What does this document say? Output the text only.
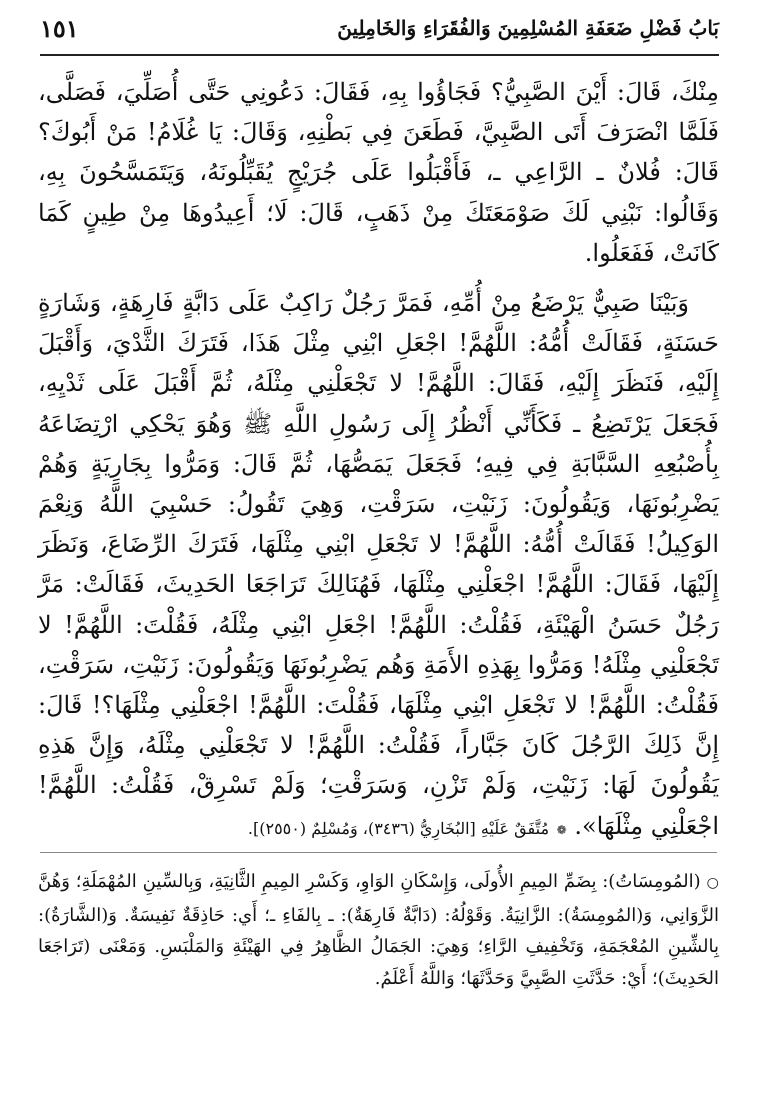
بَابُ فَضْلِ ضَعَفَةِ المُسْلِمِينَ وَالفُقَرَاءِ وَالخَامِلِينَ
١٥١

مِنْكَ، قَالَ: أَيْنَ الصَّبِيُّ؟ فَجَاؤُوا بِهِ، فَقَالَ: دَعُونِي حَتَّى أُصَلِّيَ، فَصَلَّى، فَلَمَّا انْصَرَفَ أَتَى الصَّبِيَّ، فَطَعَنَ فِي بَطْنِهِ، وَقَالَ: يَا غُلَامُ! مَنْ أَبُوكَ؟ قَالَ: فُلانٌ ـ الرَّاعِي ـ، فَأَقْبَلُوا عَلَى جُرَيْجٍ يُقَبِّلُونَهُ، وَيَتَمَسَّحُونَ بِهِ، وَقَالُوا: نَبْنِي لَكَ صَوْمَعَتَكَ مِنْ ذَهَبٍ، قَالَ: لَا؛ أَعِيدُوهَا مِنْ طِينٍ كَمَا كَانَتْ، فَفَعَلُوا.

وَبَيْنَا صَبِيٌّ يَرْضَعُ مِنْ أُمِّهِ، فَمَرَّ رَجُلٌ رَاكِبٌ عَلَى دَابَّةٍ فَارِهَةٍ، وَشَارَةٍ حَسَنَةٍ، فَقَالَتْ أُمُّهُ: اللَّهُمَّ! اجْعَلِ ابْنِي مِثْلَ هَذَا، فَتَرَكَ الثَّدْيَ، وَأَقْبَلَ إِلَيْهِ، فَنَظَرَ إِلَيْهِ، فَقَالَ: اللَّهُمَّ! لا تَجْعَلْنِي مِثْلَهُ، ثُمَّ أَقْبَلَ عَلَى ثَدْيِهِ، فَجَعَلَ يَرْتَضِعُ ـ فَكَأَنِّي أَنْظُرُ إِلَى رَسُولِ اللَّهِ ﷺ وَهُوَ يَحْكِي ارْتِضَاعَهُ بِأُصْبُعِهِ السَّبَّابَةِ فِي فِيهِ؛ فَجَعَلَ يَمَصُّهَا، ثُمَّ قَالَ: وَمَرُّوا بِجَارِيَةٍ وَهُمْ يَضْرِبُونَهَا، وَيَقُولُونَ: زَنَيْتِ، سَرَقْتِ، وَهِيَ تَقُولُ: حَسْبِيَ اللَّهُ وَنِعْمَ الوَكِيلُ! فَقَالَتْ أُمُّهُ: اللَّهُمَّ! لا تَجْعَلِ ابْنِي مِثْلَهَا، فَتَرَكَ الرِّضَاعَ، وَنَظَرَ إِلَيْهَا، فَقَالَ: اللَّهُمَّ! اجْعَلْنِي مِثْلَهَا، فَهُنَالِكَ تَرَاجَعَا الحَدِيثَ، فَقَالَتْ: مَرَّ رَجُلٌ حَسَنُ الْهَيْئَةِ، فَقُلْتُ: اللَّهُمَّ! اجْعَلِ ابْنِي مِثْلَهُ، فَقُلْتَ: اللَّهُمَّ! لا تَجْعَلْنِي مِثْلَهُ! وَمَرُّوا بِهَذِهِ الأَمَةِ وَهُم يَضْرِبُونَهَا وَيَقُولُونَ: زَنَيْتِ، سَرَقْتِ، فَقُلْتُ: اللَّهُمَّ! لا تَجْعَلِ ابْنِي مِثْلَهَا، فَقُلْتَ: اللَّهُمَّ! اجْعَلْنِي مِثْلَهَا؟! قَالَ: إِنَّ ذَلِكَ الرَّجُلَ كَانَ جَبَّاراً، فَقُلْتُ: اللَّهُمَّ! لا تَجْعَلْنِي مِثْلَهُ، وَإِنَّ هَذِهِ يَقُولُونَ لَهَا: زَنَيْتِ، وَلَمْ تَزْنِ، وَسَرَقْتِ؛ وَلَمْ تَسْرِقْ، فَقُلْتُ: اللَّهُمَّ! اجْعَلْنِي مِثْلَهَا». ❁ مُتَّفَقٌ عَلَيْهِ [البُخَارِيُّ (٣٤٣٦)، وَمُسْلِمٌ (٢٥٥٠)].

○ (المُومِسَاتُ): بِضَمِّ المِيمِ الأُولَى، وَإِسْكَانِ الوَاوِ، وَكَسْرِ المِيمِ الثَّانِيَةِ، وَبِالسِّينِ المُهْمَلَةِ؛ وَهُنَّ الزَّوَانِي، وَ(المُومِسَةُ): الزَّانِيَةُ. وَقَوْلُهُ: (دَابَّةٌ فَارِهَةٌ): ـ بِالفَاءِ ـ؛ أَي: حَاذِقَةٌ نَفِيسَةٌ. وَ(الشَّارَةُ): بِالشِّينِ المُعْجَمَةِ، وَتَخْفِيفِ الرَّاءِ؛ وَهِيَ: الجَمَالُ الظَّاهِرُ فِي الهَيْئَةِ وَالمَلْبَسِ. وَمَعْنَى (تَرَاجَعَا الحَدِيثَ)؛ أَيْ: حَدَّثَتِ الصَّبِيَّ وَحَدَّثَهَا؛ وَاللَّهُ أَعْلَمُ.
